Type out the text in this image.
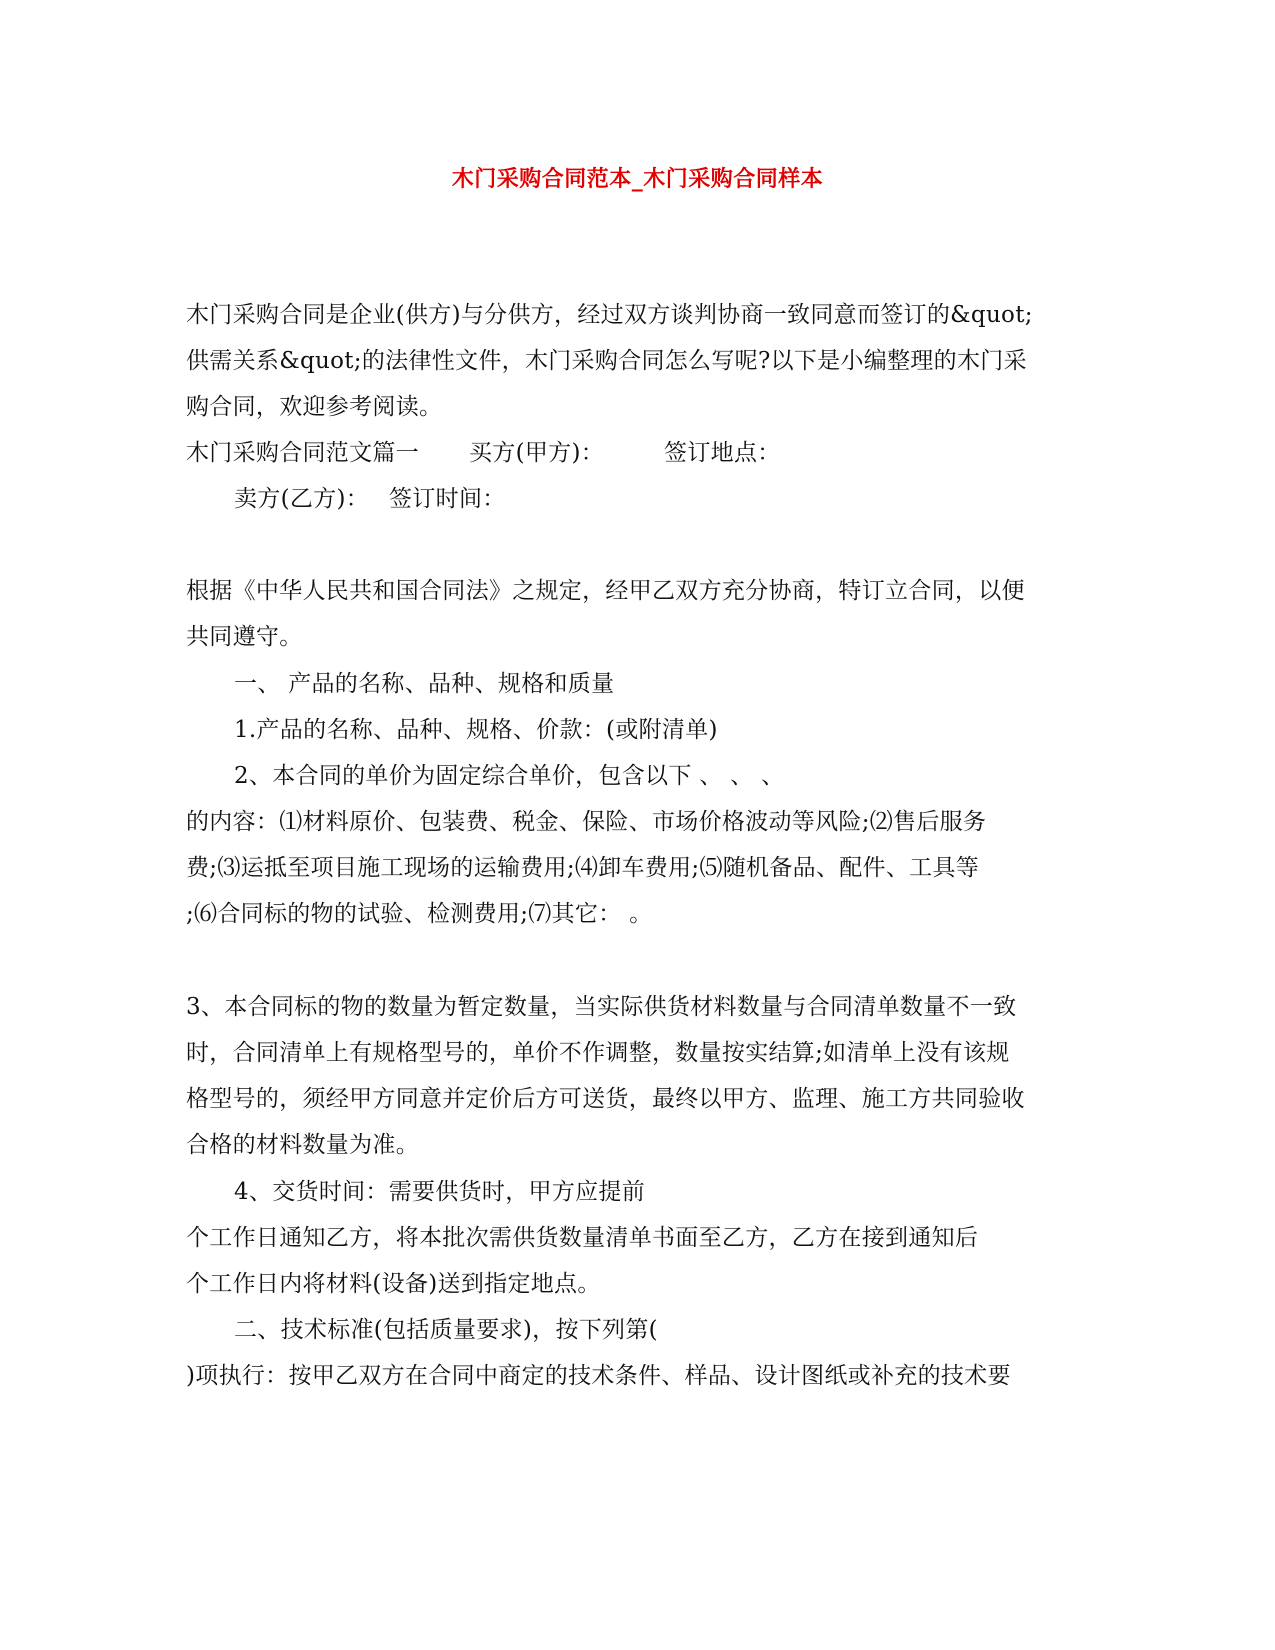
木门采购合同范本_木门采购合同样本
木门采购合同是企业(供方)与分供方，经过双方谈判协商一致同意而签订的&quot;
供需关系&quot;的法律性文件，木门采购合同怎么写呢?以下是小编整理的木门采
购合同，欢迎参考阅读。
木门采购合同范文篇一 买方(甲方)：	签订地点：
卖方(乙方)： 签订时间：
根据《中华人民共和国合同法》之规定，经甲乙双方充分协商，特订立合同，以便
共同遵守。
一、 产品的名称、品种、规格和质量
1.产品的名称、品种、规格、价款：(或附清单)
2、本合同的单价为固定综合单价，包含以下 、 、 、
的内容：⑴材料原价、包装费、税金、保险、市场价格波动等风险;⑵售后服务
费;⑶运抵至项目施工现场的运输费用;⑷卸车费用;⑸随机备品、配件、工具等
;⑹合同标的物的试验、检测费用;⑺其它： 。
3、本合同标的物的数量为暂定数量，当实际供货材料数量与合同清单数量不一致
时，合同清单上有规格型号的，单价不作调整，数量按实结算;如清单上没有该规
格型号的，须经甲方同意并定价后方可送货，最终以甲方、监理、施工方共同验收
合格的材料数量为准。
4、交货时间：需要供货时，甲方应提前
个工作日通知乙方，将本批次需供货数量清单书面至乙方，乙方在接到通知后
个工作日内将材料(设备)送到指定地点。
二、技术标准(包括质量要求)，按下列第(
)项执行：按甲乙双方在合同中商定的技术条件、样品、设计图纸或补充的技术要
